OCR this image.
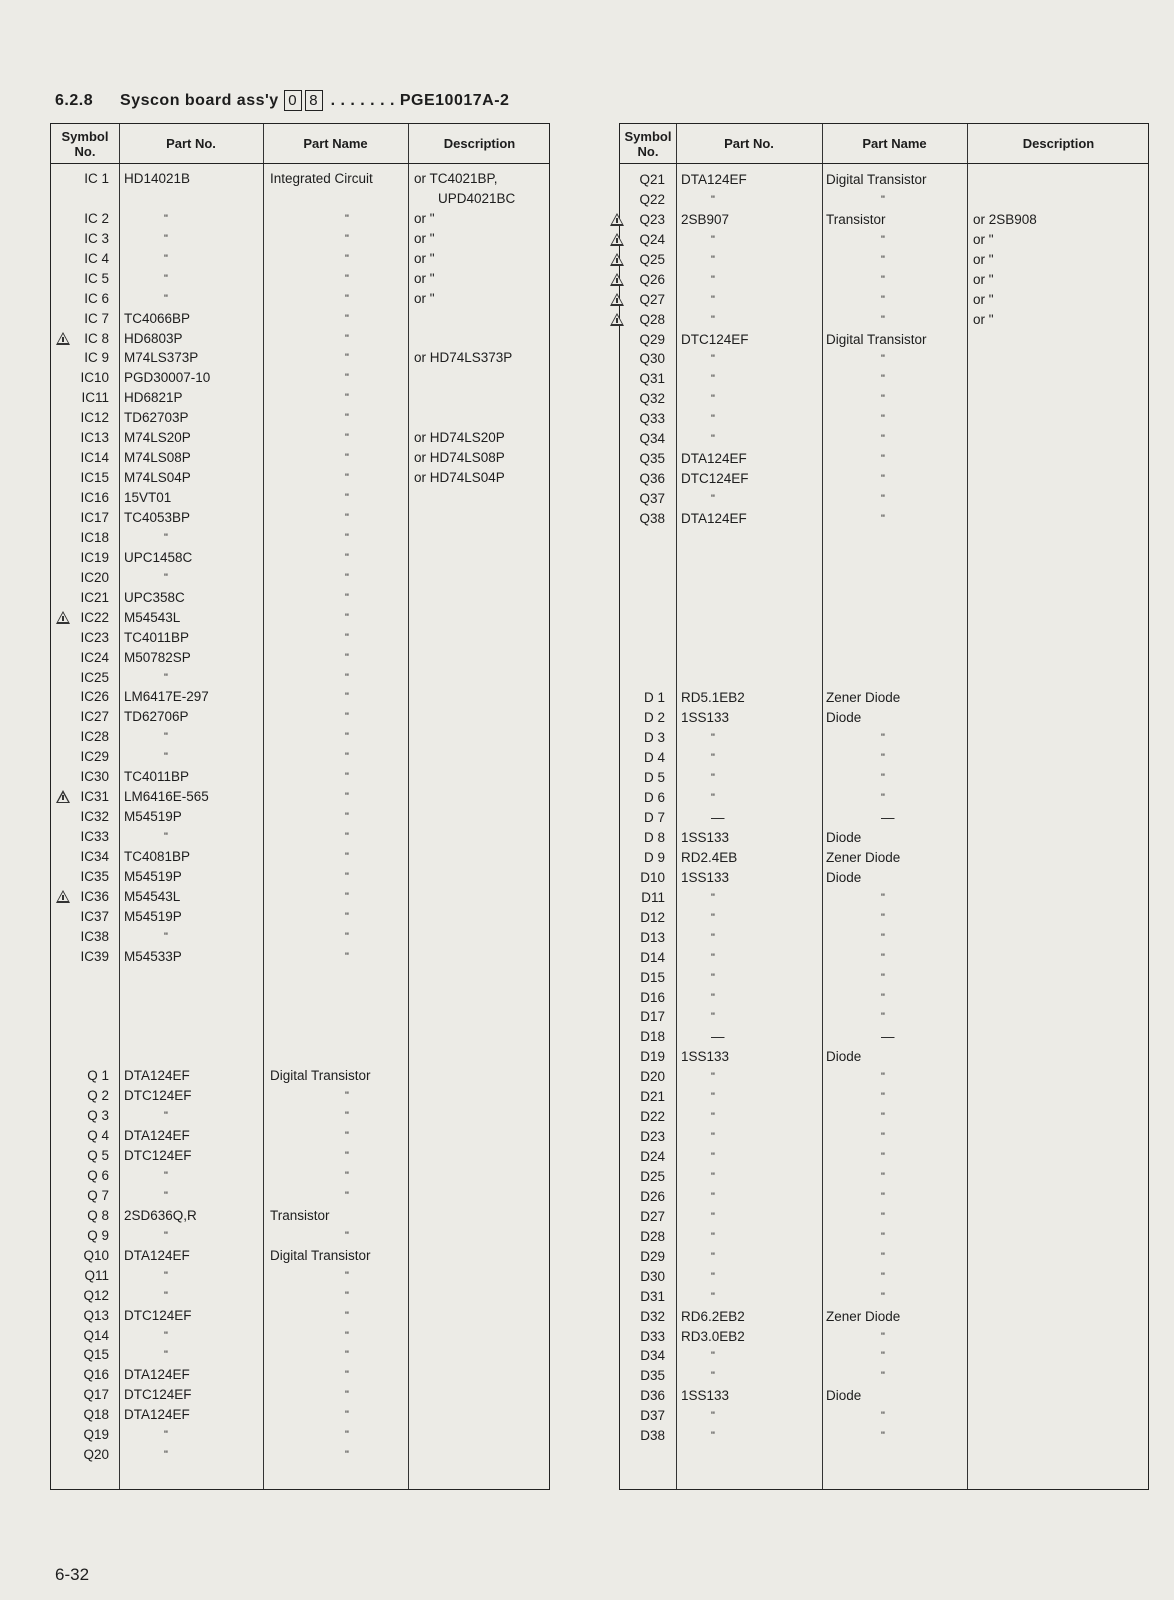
6.2.8 Syscon board ass'y 0 8 . . . . . . . PGE10017A-2
Symbol No.	Part No.	Part Name	Description
IC 1 HD14021B	Integrated Circuit	or TC4021BP,
UPD4021BC
IC 2	"	"	or "
IC 3	"	"	or "
IC 4	"	"	or "
IC 5	"	"	or "
IC 6	"	"	or "
IC 7 TC4066BP	"
IC 8 HD6803P	"
IC 9 M74LS373P	"	or HD74LS373P
IC10 PGD30007-10	"
IC11 HD6821P	"
IC12 TD62703P	"
IC13 M74LS20P	"	or HD74LS20P
IC14 M74LS08P	"	or HD74LS08P
IC15 M74LS04P	"	or HD74LS04P
IC16 15VT01	"
IC17 TC4053BP	"
IC18	"	"
IC19 UPC1458C	"
IC20	"	"
IC21 UPC358C	"
IC22 M54543L	"
IC23 TC4011BP	"
IC24 M50782SP	"
IC25	"	"
IC26 LM6417E-297	"
IC27 TD62706P	"
IC28	"	"
IC29	"	"
IC30 TC4011BP	"
IC31 LM6416E-565	"
IC32 M54519P	"
IC33	"	"
IC34 TC4081BP	"
IC35 M54519P	"
IC36 M54543L	"
IC37 M54519P	"
IC38	"	"
IC39 M54533P	"
Q 1 DTA124EF	Digital Transistor
Q 2 DTC124EF	"
Q 3	"	"
Q 4 DTA124EF	"
Q 5 DTC124EF	"
Q 6	"	"
Q 7	"	"
Q 8 2SD636Q,R	Transistor
Q 9	"	"
Q10 DTA124EF	Digital Transistor
Q11	"	"
Q12	"	"
Q13 DTC124EF	"
Q14	"	"
Q15	"	"
Q16 DTA124EF	"
Q17 DTC124EF	"
Q18 DTA124EF	"
Q19	"	"
Q20	"	"
Symbol No.	Part No.	Part Name	Description
Q21 DTA124EF	Digital Transistor
Q22	"	"
Q23 2SB907	Transistor	or 2SB908
Q24	"	"	or "
Q25	"	"	or "
Q26	"	"	or "
Q27	"	"	or "
Q28	"	"	or "
Q29 DTC124EF	Digital Transistor
Q30	"	"
Q31	"	"
Q32	"	"
Q33	"	"
Q34	"	"
Q35 DTA124EF	"
Q36 DTC124EF	"
Q37	"	"
Q38 DTA124EF	"
D 1 RD5.1EB2	Zener Diode
D 2 1SS133	Diode
D 3	"	"
D 4	"	"
D 5	"	"
D 6	"	"
D 7	—	—
D 8 1SS133	Diode
D 9 RD2.4EB	Zener Diode
D10 1SS133	Diode
D11	"	"
D12	"	"
D13	"	"
D14	"	"
D15	"	"
D16	"	"
D17	"	"
D18	—	—
D19 1SS133	Diode
D20	"	"
D21	"	"
D22	"	"
D23	"	"
D24	"	"
D25	"	"
D26	"	"
D27	"	"
D28	"	"
D29	"	"
D30	"	"
D31	"	"
D32 RD6.2EB2	Zener Diode
D33 RD3.0EB2	"
D34	"	"
D35	"	"
D36 1SS133	Diode
D37	"	"
D38	"	"
6-32
